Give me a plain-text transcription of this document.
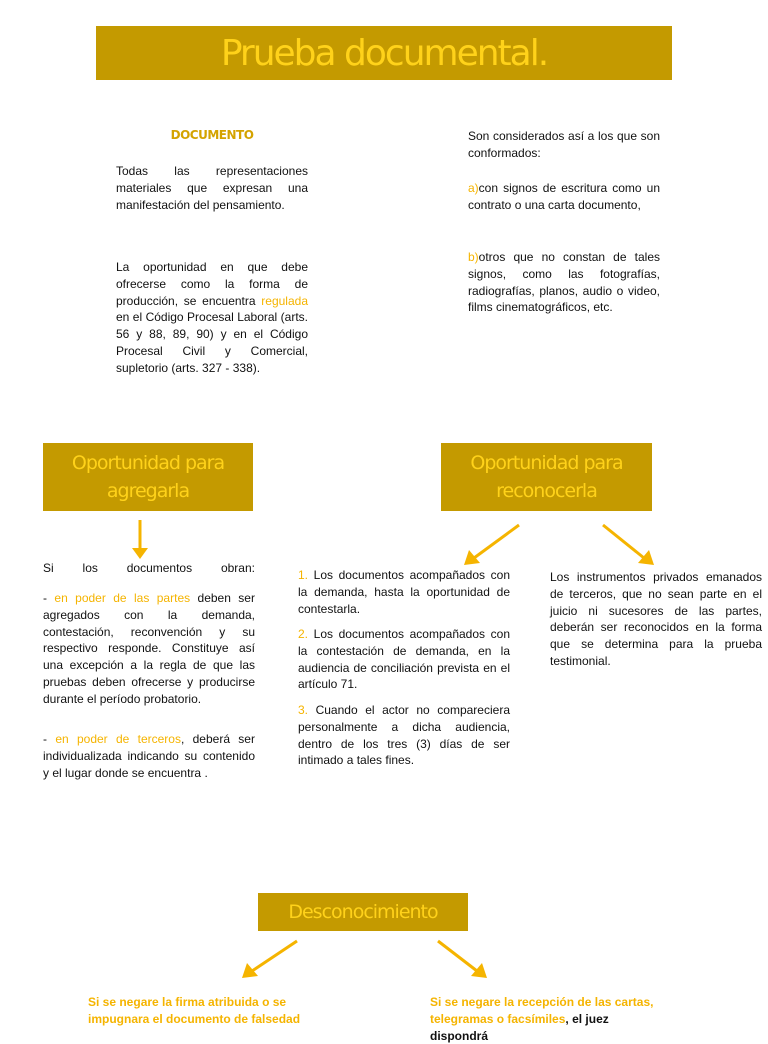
Prueba documental.
DOCUMENTO
Todas las representaciones materiales que expresan una manifestación del pensamiento.
La oportunidad en que debe ofrecerse como la forma de producción, se encuentra regulada en el Código Procesal Laboral (arts. 56 y 88, 89, 90) y en el Código Procesal Civil y Comercial, supletorio (arts. 327 - 338).
Son considerados así a los que son conformados:
a)con signos de escritura como un contrato o una carta documento,
b)otros que no constan de tales signos, como las fotografías, radiografías, planos, audio o video, films cinematográficos, etc.
Oportunidad para
agregarla
Si los documentos obran:
- en poder de las partes deben ser agregados con la demanda, contestación, reconvención y su respectivo responde. Constituye así una excepción a la regla de que las pruebas deben ofrecerse y producirse durante el período probatorio.
- en poder de terceros, deberá ser individualizada indicando su contenido y el lugar donde se encuentra .
Oportunidad para
reconocerla
1. Los documentos acompañados con la demanda, hasta la oportunidad de contestarla.
2. Los documentos acompañados con la contestación de demanda, en la audiencia de conciliación prevista en el artículo 71.
3. Cuando el actor no compareciera personalmente a dicha audiencia, dentro de los tres (3) días de ser intimado a tales fines.
Los instrumentos privados emanados de terceros, que no sean parte en el juicio ni sucesores de las partes, deberán ser reconocidos en la forma que se determina para la prueba testimonial.
Desconocimiento
Si se negare la firma atribuida o se impugnara el documento de falsedad
Si se negare la recepción de las cartas, telegramas o facsímiles, el juez dispondrá
